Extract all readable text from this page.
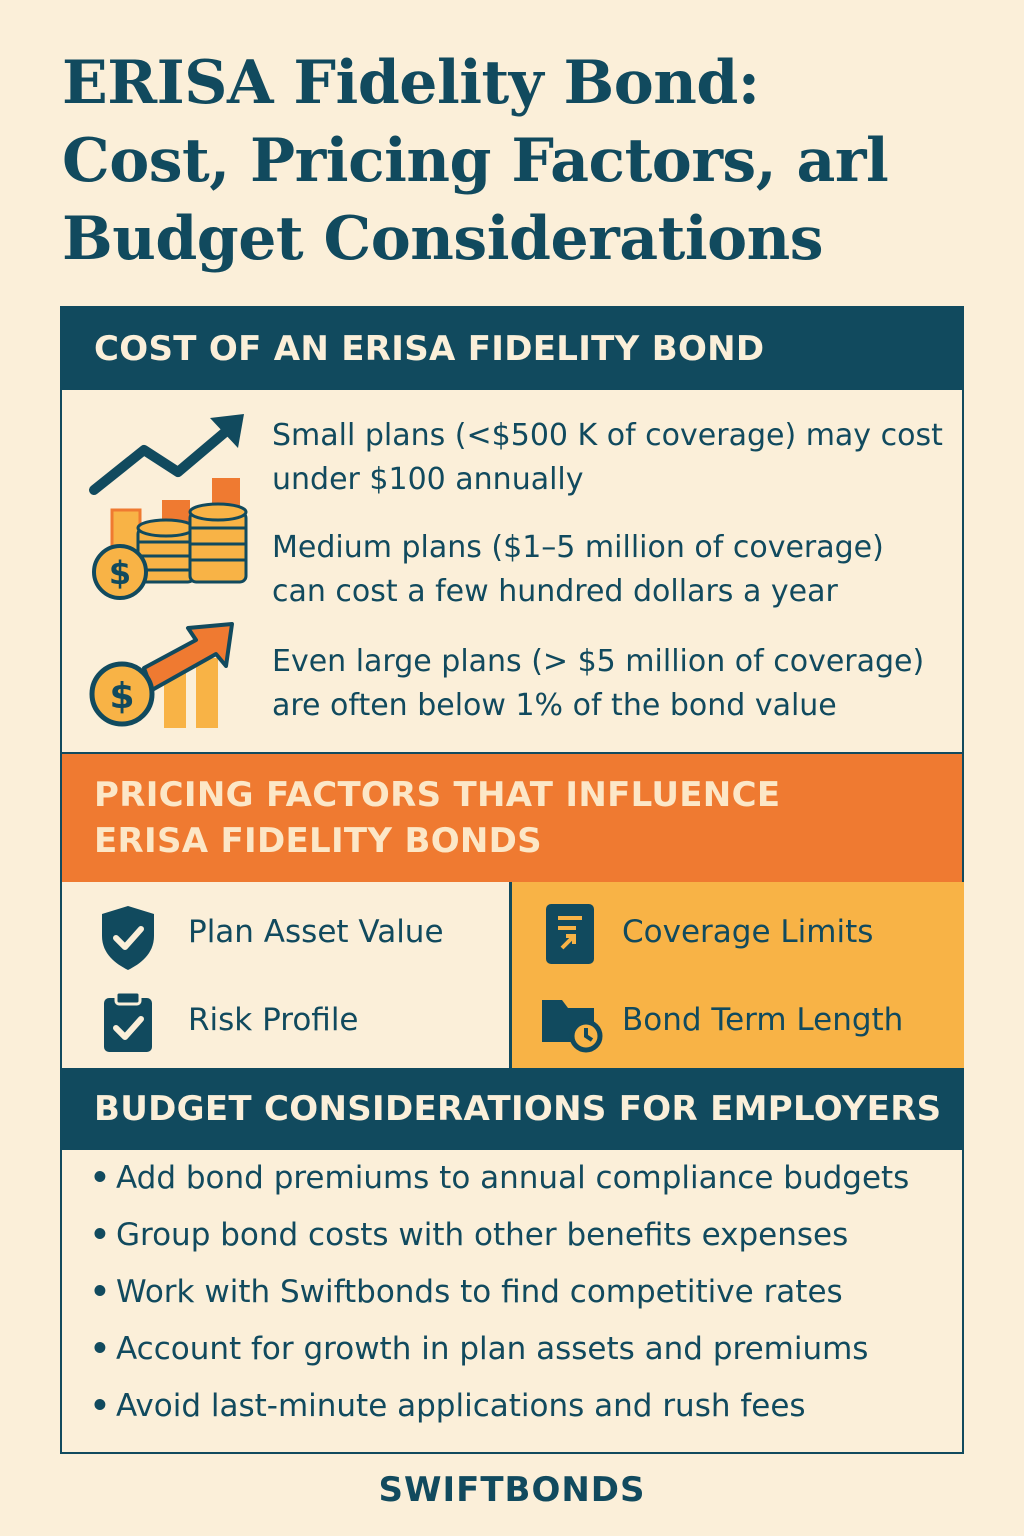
ERISA Fidelity Bond:
Cost, Pricing Factors, arl
Budget Considerations
COST OF AN ERISA FIDELITY BOND
$
Small plans (<$500 K of coverage) may cost
under $100 annually
Medium plans ($1–5 million of coverage)
can cost a few hundred dollars a year
$
Even large plans (> $5 million of coverage)
are often below 1% of the bond value
PRICING FACTORS THAT INFLUENCE
ERISA FIDELITY BONDS
Plan Asset Value
Risk Profile
Coverage Limits
Bond Term Length
BUDGET CONSIDERATIONS FOR EMPLOYERS
• Add bond premiums to annual compliance budgets
• Group bond costs with other benefits expenses
• Work with Swiftbonds to find competitive rates
• Account for growth in plan assets and premiums
• Avoid last-minute applications and rush fees
SWIFTBONDS
